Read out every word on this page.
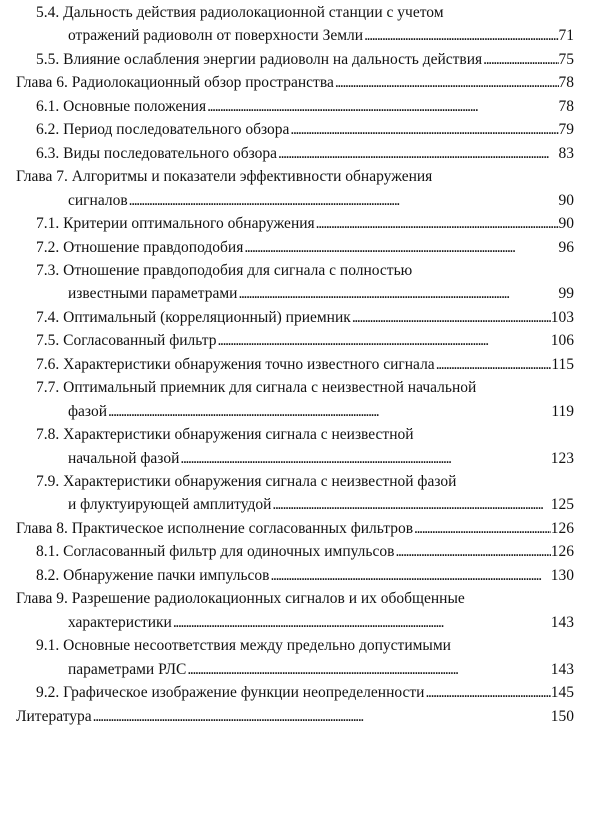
5.4. Дальность действия радиолокационной станции с учетом
отражений радиоволн от поверхности Земли . . .	71
5.5. Влияние ослабления энергии радиоволн на дальность действия . . .	75
Глава 6. Радиолокационный обзор пространства . . .	78
6.1. Основные положения . . .	78
6.2. Период последовательного обзора . . .	79
6.3. Виды последовательного обзора . . .	83
Глава 7. Алгоритмы и показатели эффективности обнаружения
сигналов . . .	90
7.1. Критерии оптимального обнаружения . . .	90
7.2. Отношение правдоподобия . . .	96
7.3. Отношение правдоподобия для сигнала с полностью
известными параметрами . . .	99
7.4. Оптимальный (корреляционный) приемник . . .	103
7.5. Согласованный фильтр . . .	106
7.6. Характеристики обнаружения точно известного сигнала . . .	115
7.7. Оптимальный приемник для сигнала с неизвестной начальной
фазой . . .	119
7.8. Характеристики обнаружения сигнала с неизвестной
начальной фазой . . .	123
7.9. Характеристики обнаружения сигнала с неизвестной фазой
и флуктуирующей амплитудой . . .	125
Глава 8. Практическое исполнение согласованных фильтров . . .	126
8.1. Согласованный фильтр для одиночных импульсов . . .	126
8.2. Обнаружение пачки импульсов . . .	130
Глава 9. Разрешение радиолокационных сигналов и их обобщенные
характеристики . . .	143
9.1. Основные несоответствия между предельно допустимыми
параметрами РЛС . . .	143
9.2. Графическое изображение функции неопределенности . . .	145
Литература . . .	150
